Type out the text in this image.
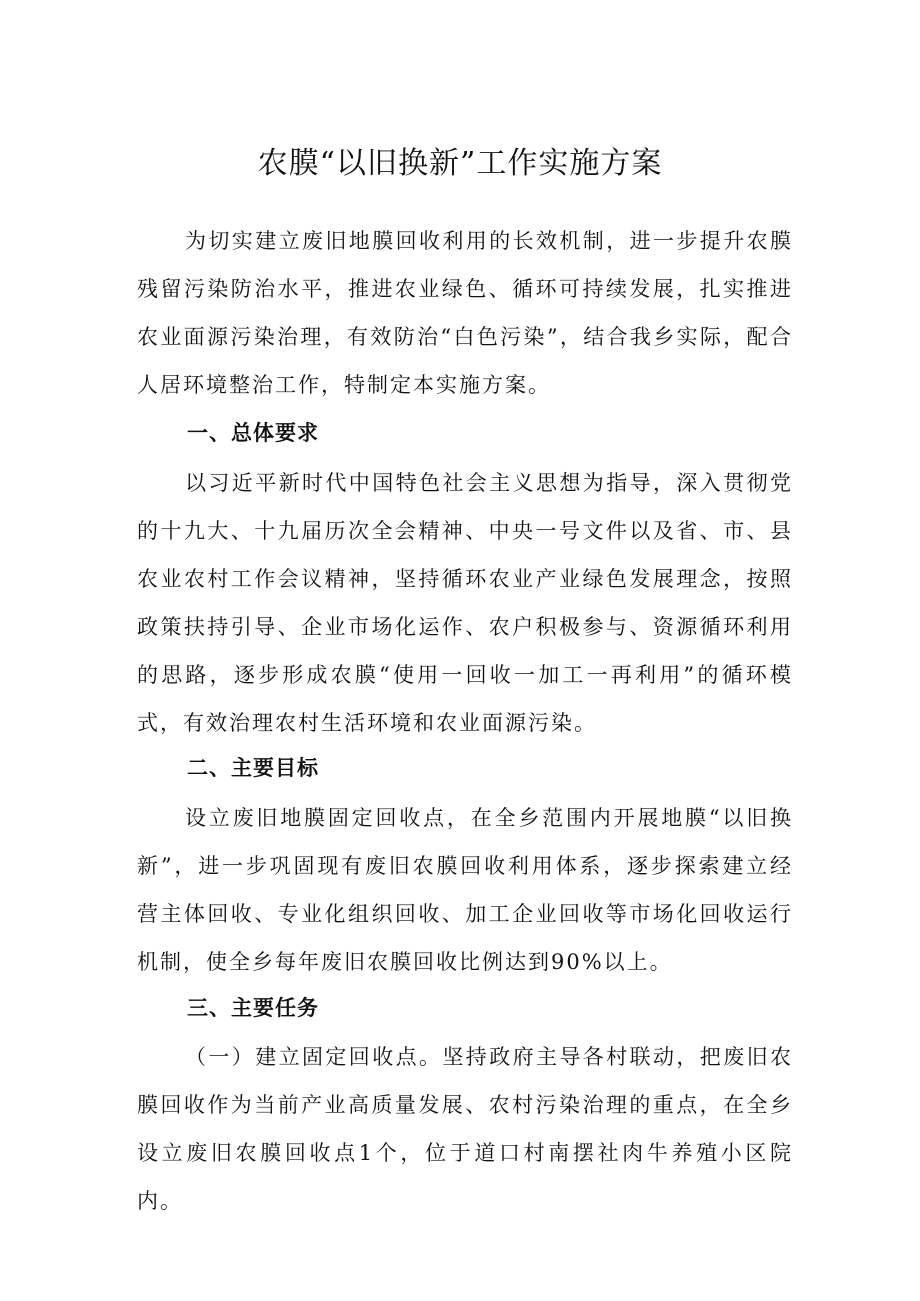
农膜“以旧换新”工作实施方案

为切实建立废旧地膜回收利用的长效机制，进一步提升农膜残留污染防治水平，推进农业绿色、循环可持续发展，扎实推进农业面源污染治理，有效防治“白色污染”，结合我乡实际，配合人居环境整治工作，特制定本实施方案。

一、总体要求

以习近平新时代中国特色社会主义思想为指导，深入贯彻党的十九大、十九届历次全会精神、中央一号文件以及省、市、县农业农村工作会议精神，坚持循环农业产业绿色发展理念，按照政策扶持引导、企业市场化运作、农户积极参与、资源循环利用的思路，逐步形成农膜“使用一回收一加工一再利用”的循环模式，有效治理农村生活环境和农业面源污染。

二、主要目标

设立废旧地膜固定回收点，在全乡范围内开展地膜“以旧换新”，进一步巩固现有废旧农膜回收利用体系，逐步探索建立经营主体回收、专业化组织回收、加工企业回收等市场化回收运行机制，使全乡每年废旧农膜回收比例达到90%以上。

三、主要任务

（一）建立固定回收点。坚持政府主导各村联动，把废旧农膜回收作为当前产业高质量发展、农村污染治理的重点，在全乡设立废旧农膜回收点1个，位于道口村南摆社肉牛养殖小区院内。
